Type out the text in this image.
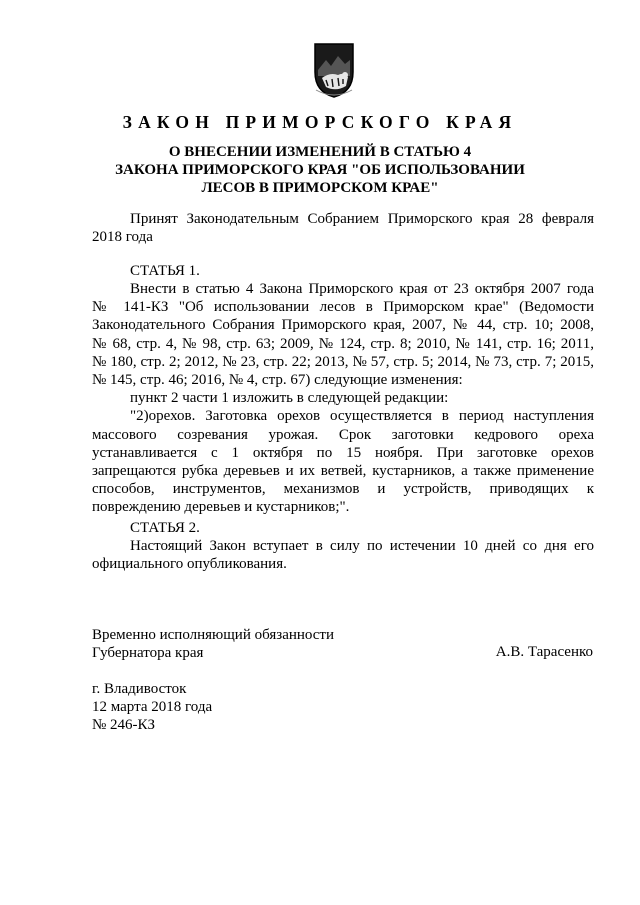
ЗАКОН ПРИМОРСКОГО КРАЯ
О ВНЕСЕНИИ ИЗМЕНЕНИЙ В СТАТЬЮ 4
ЗАКОНА ПРИМОРСКОГО КРАЯ "ОБ ИСПОЛЬЗОВАНИИ
ЛЕСОВ В ПРИМОРСКОМ КРАЕ"
Принят Законодательным Собранием Приморского края 28 февраля
2018 года
СТАТЬЯ 1.
Внести в статью 4 Закона Приморского края от 23 октября 2007 года
№ 141-КЗ "Об использовании лесов в Приморском крае" (Ведомости
Законодательного Собрания Приморского края, 2007, № 44, стр. 10; 2008,
№ 68, стр. 4, № 98, стр. 63; 2009, № 124, стр. 8; 2010, № 141, стр. 16; 2011,
№ 180, стр. 2; 2012, № 23, стр. 22; 2013, № 57, стр. 5; 2014, № 73, стр. 7; 2015,
№ 145, стр. 46; 2016, № 4, стр. 67) следующие изменения:
пункт 2 части 1 изложить в следующей редакции:
"2)орехов. Заготовка орехов осуществляется в период наступления
массового созревания урожая. Срок заготовки кедрового ореха
устанавливается с 1 октября по 15 ноября. При заготовке орехов
запрещаются рубка деревьев и их ветвей, кустарников, а также применение
способов, инструментов, механизмов и устройств, приводящих к
повреждению деревьев и кустарников;".
СТАТЬЯ 2.
Настоящий Закон вступает в силу по истечении 10 дней со дня его
официального опубликования.
Временно исполняющий обязанности
Губернатора края	А.В. Тарасенко
г. Владивосток
12 марта 2018 года
№ 246-КЗ
